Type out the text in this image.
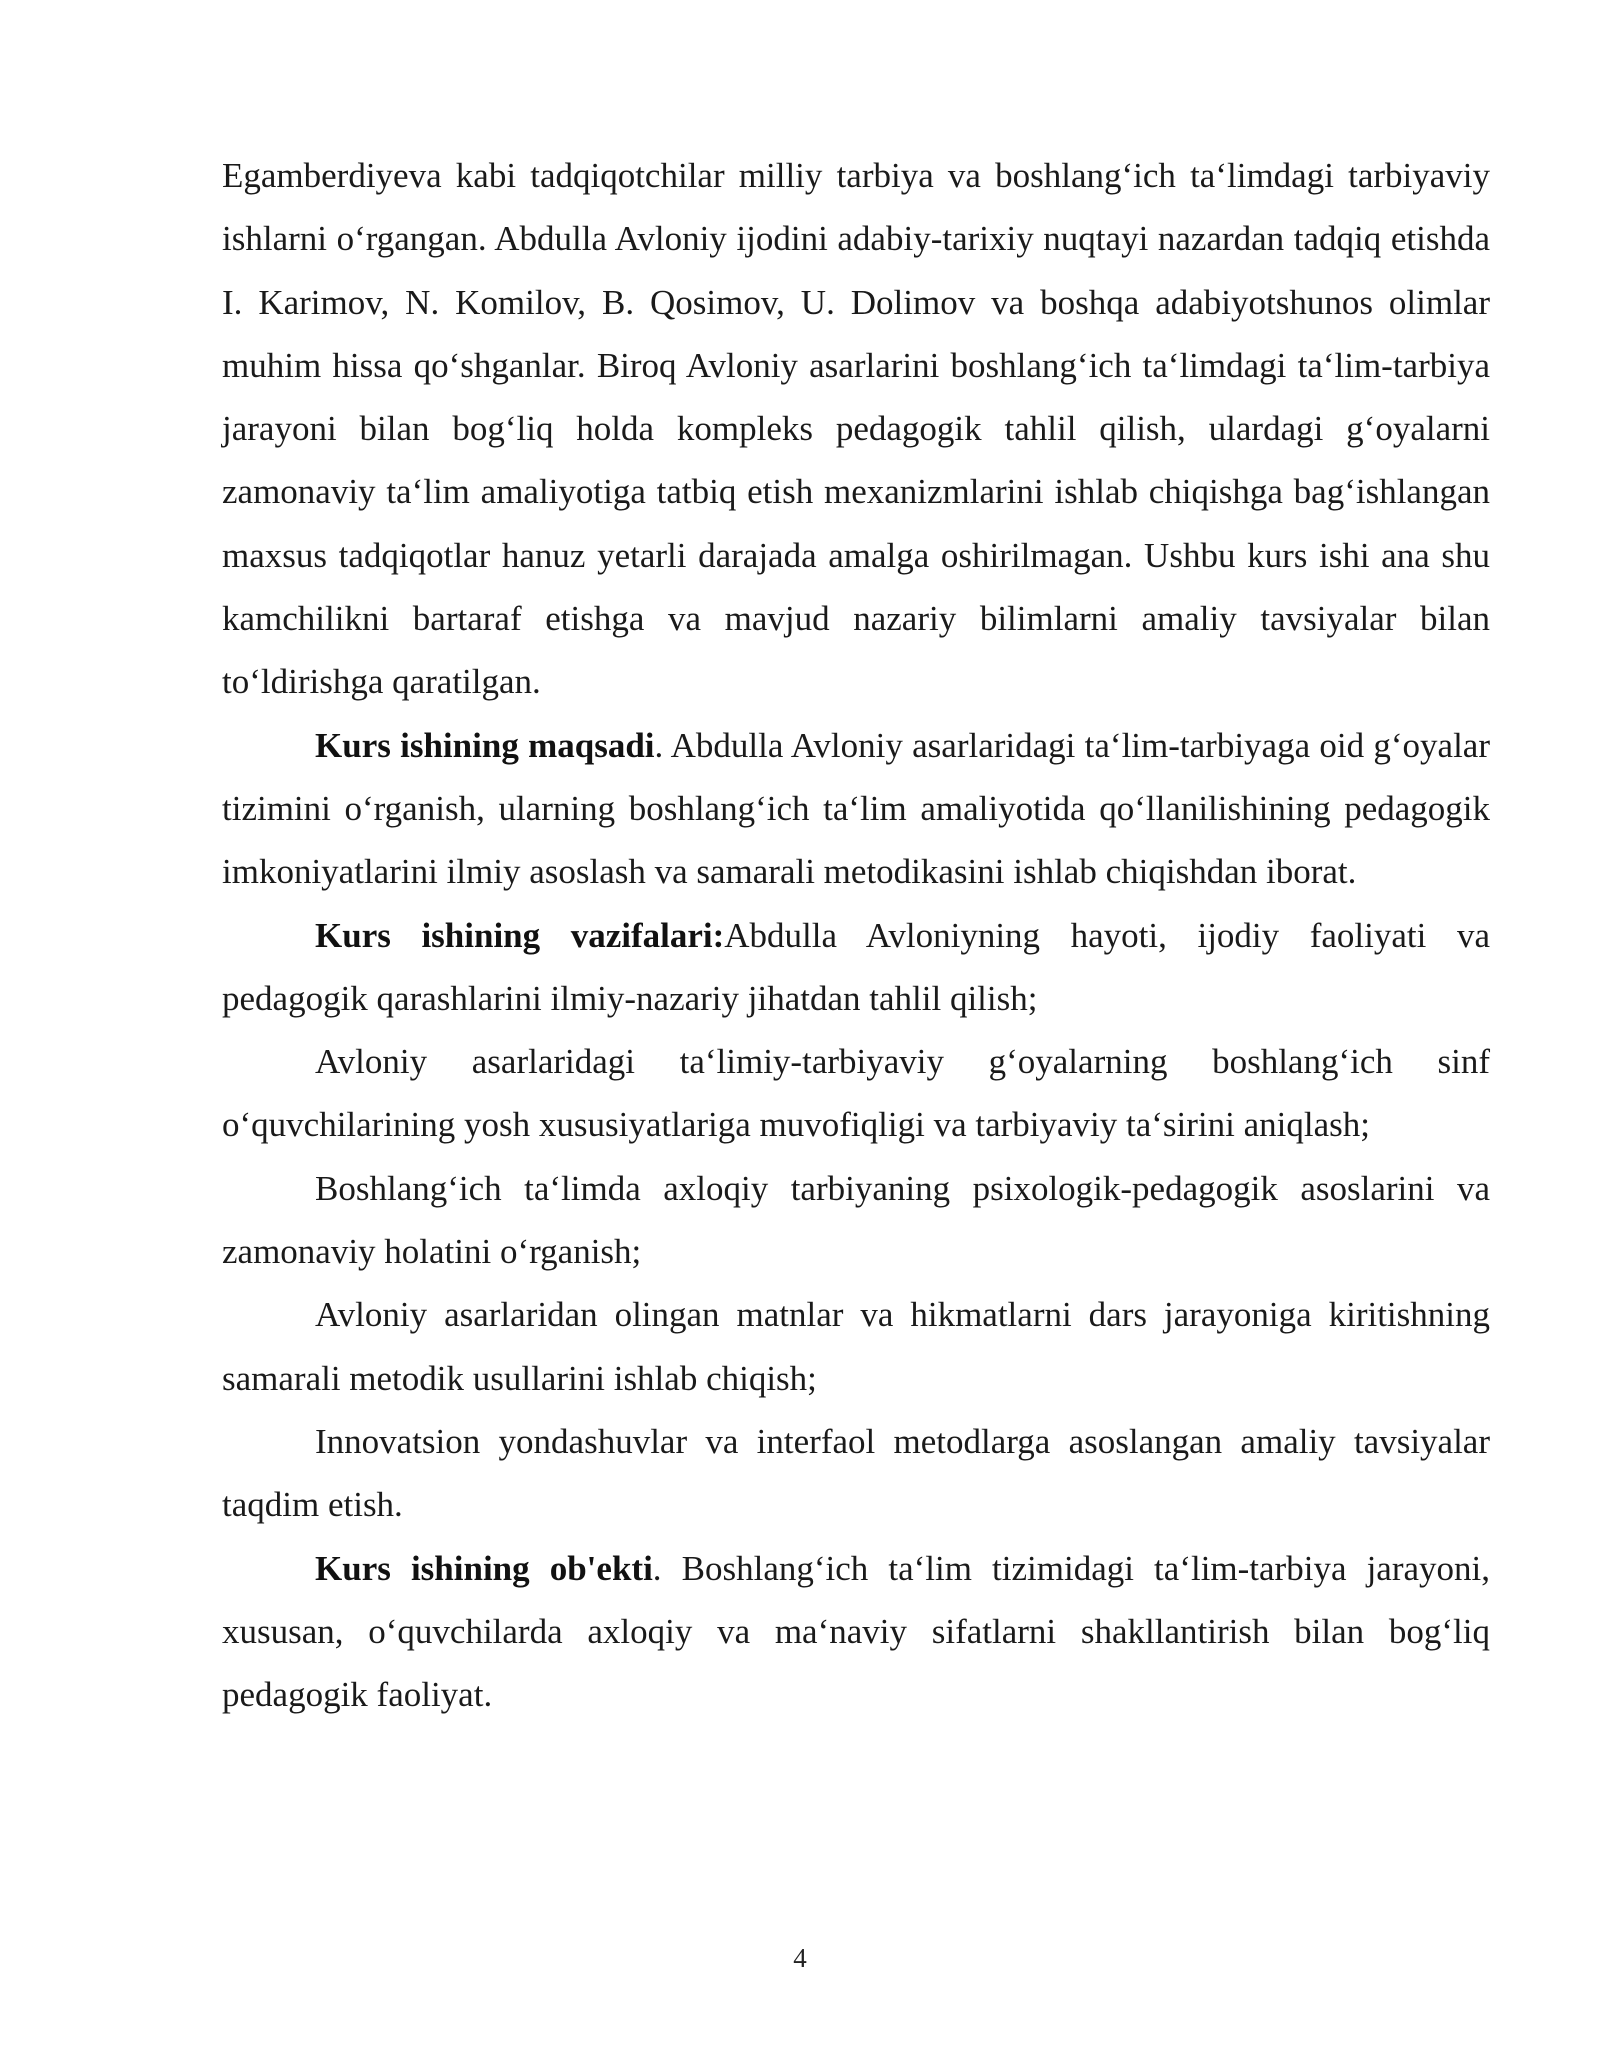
Egamberdiyeva kabi tadqiqotchilar milliy tarbiya va boshlang‘ich ta‘limdagi tarbiyaviy ishlarni o‘rgangan. Abdulla Avloniy ijodini adabiy-tarixiy nuqtayi nazardan tadqiq etishda I. Karimov, N. Komilov, B. Qosimov, U. Dolimov va boshqa adabiyotshunos olimlar muhim hissa qo‘shganlar. Biroq Avloniy asarlarini boshlang‘ich ta‘limdagi ta‘lim-tarbiya jarayoni bilan bog‘liq holda kompleks pedagogik tahlil qilish, ulardagi g‘oyalarni zamonaviy ta‘lim amaliyotiga tatbiq etish mexanizmlarini ishlab chiqishga bag‘ishlangan maxsus tadqiqotlar hanuz yetarli darajada amalga oshirilmagan. Ushbu kurs ishi ana shu kamchilikni bartaraf etishga va mavjud nazariy bilimlarni amaliy tavsiyalar bilan to‘ldirishga qaratilgan.

Kurs ishining maqsadi. Abdulla Avloniy asarlaridagi ta‘lim-tarbiyaga oid g‘oyalar tizimini o‘rganish, ularning boshlang‘ich ta‘lim amaliyotida qo‘llanilishining pedagogik imkoniyatlarini ilmiy asoslash va samarali metodikasini ishlab chiqishdan iborat.

Kurs ishining vazifalari:Abdulla Avloniyning hayoti, ijodiy faoliyati va pedagogik qarashlarini ilmiy-nazariy jihatdan tahlil qilish;

Avloniy asarlaridagi ta‘limiy-tarbiyaviy g‘oyalarning boshlang‘ich sinf o‘quvchilarining yosh xususiyatlariga muvofiqligi va tarbiyaviy ta‘sirini aniqlash;

Boshlang‘ich ta‘limda axloqiy tarbiyaning psixologik-pedagogik asoslarini va zamonaviy holatini o‘rganish;

Avloniy asarlaridan olingan matnlar va hikmatlarni dars jarayoniga kiritishning samarali metodik usullarini ishlab chiqish;

Innovatsion yondashuvlar va interfaol metodlarga asoslangan amaliy tavsiyalar taqdim etish.

Kurs ishining ob'ekti. Boshlang‘ich ta‘lim tizimidagi ta‘lim-tarbiya jarayoni, xususan, o‘quvchilarda axloqiy va ma‘naviy sifatlarni shakllantirish bilan bog‘liq pedagogik faoliyat.

4
